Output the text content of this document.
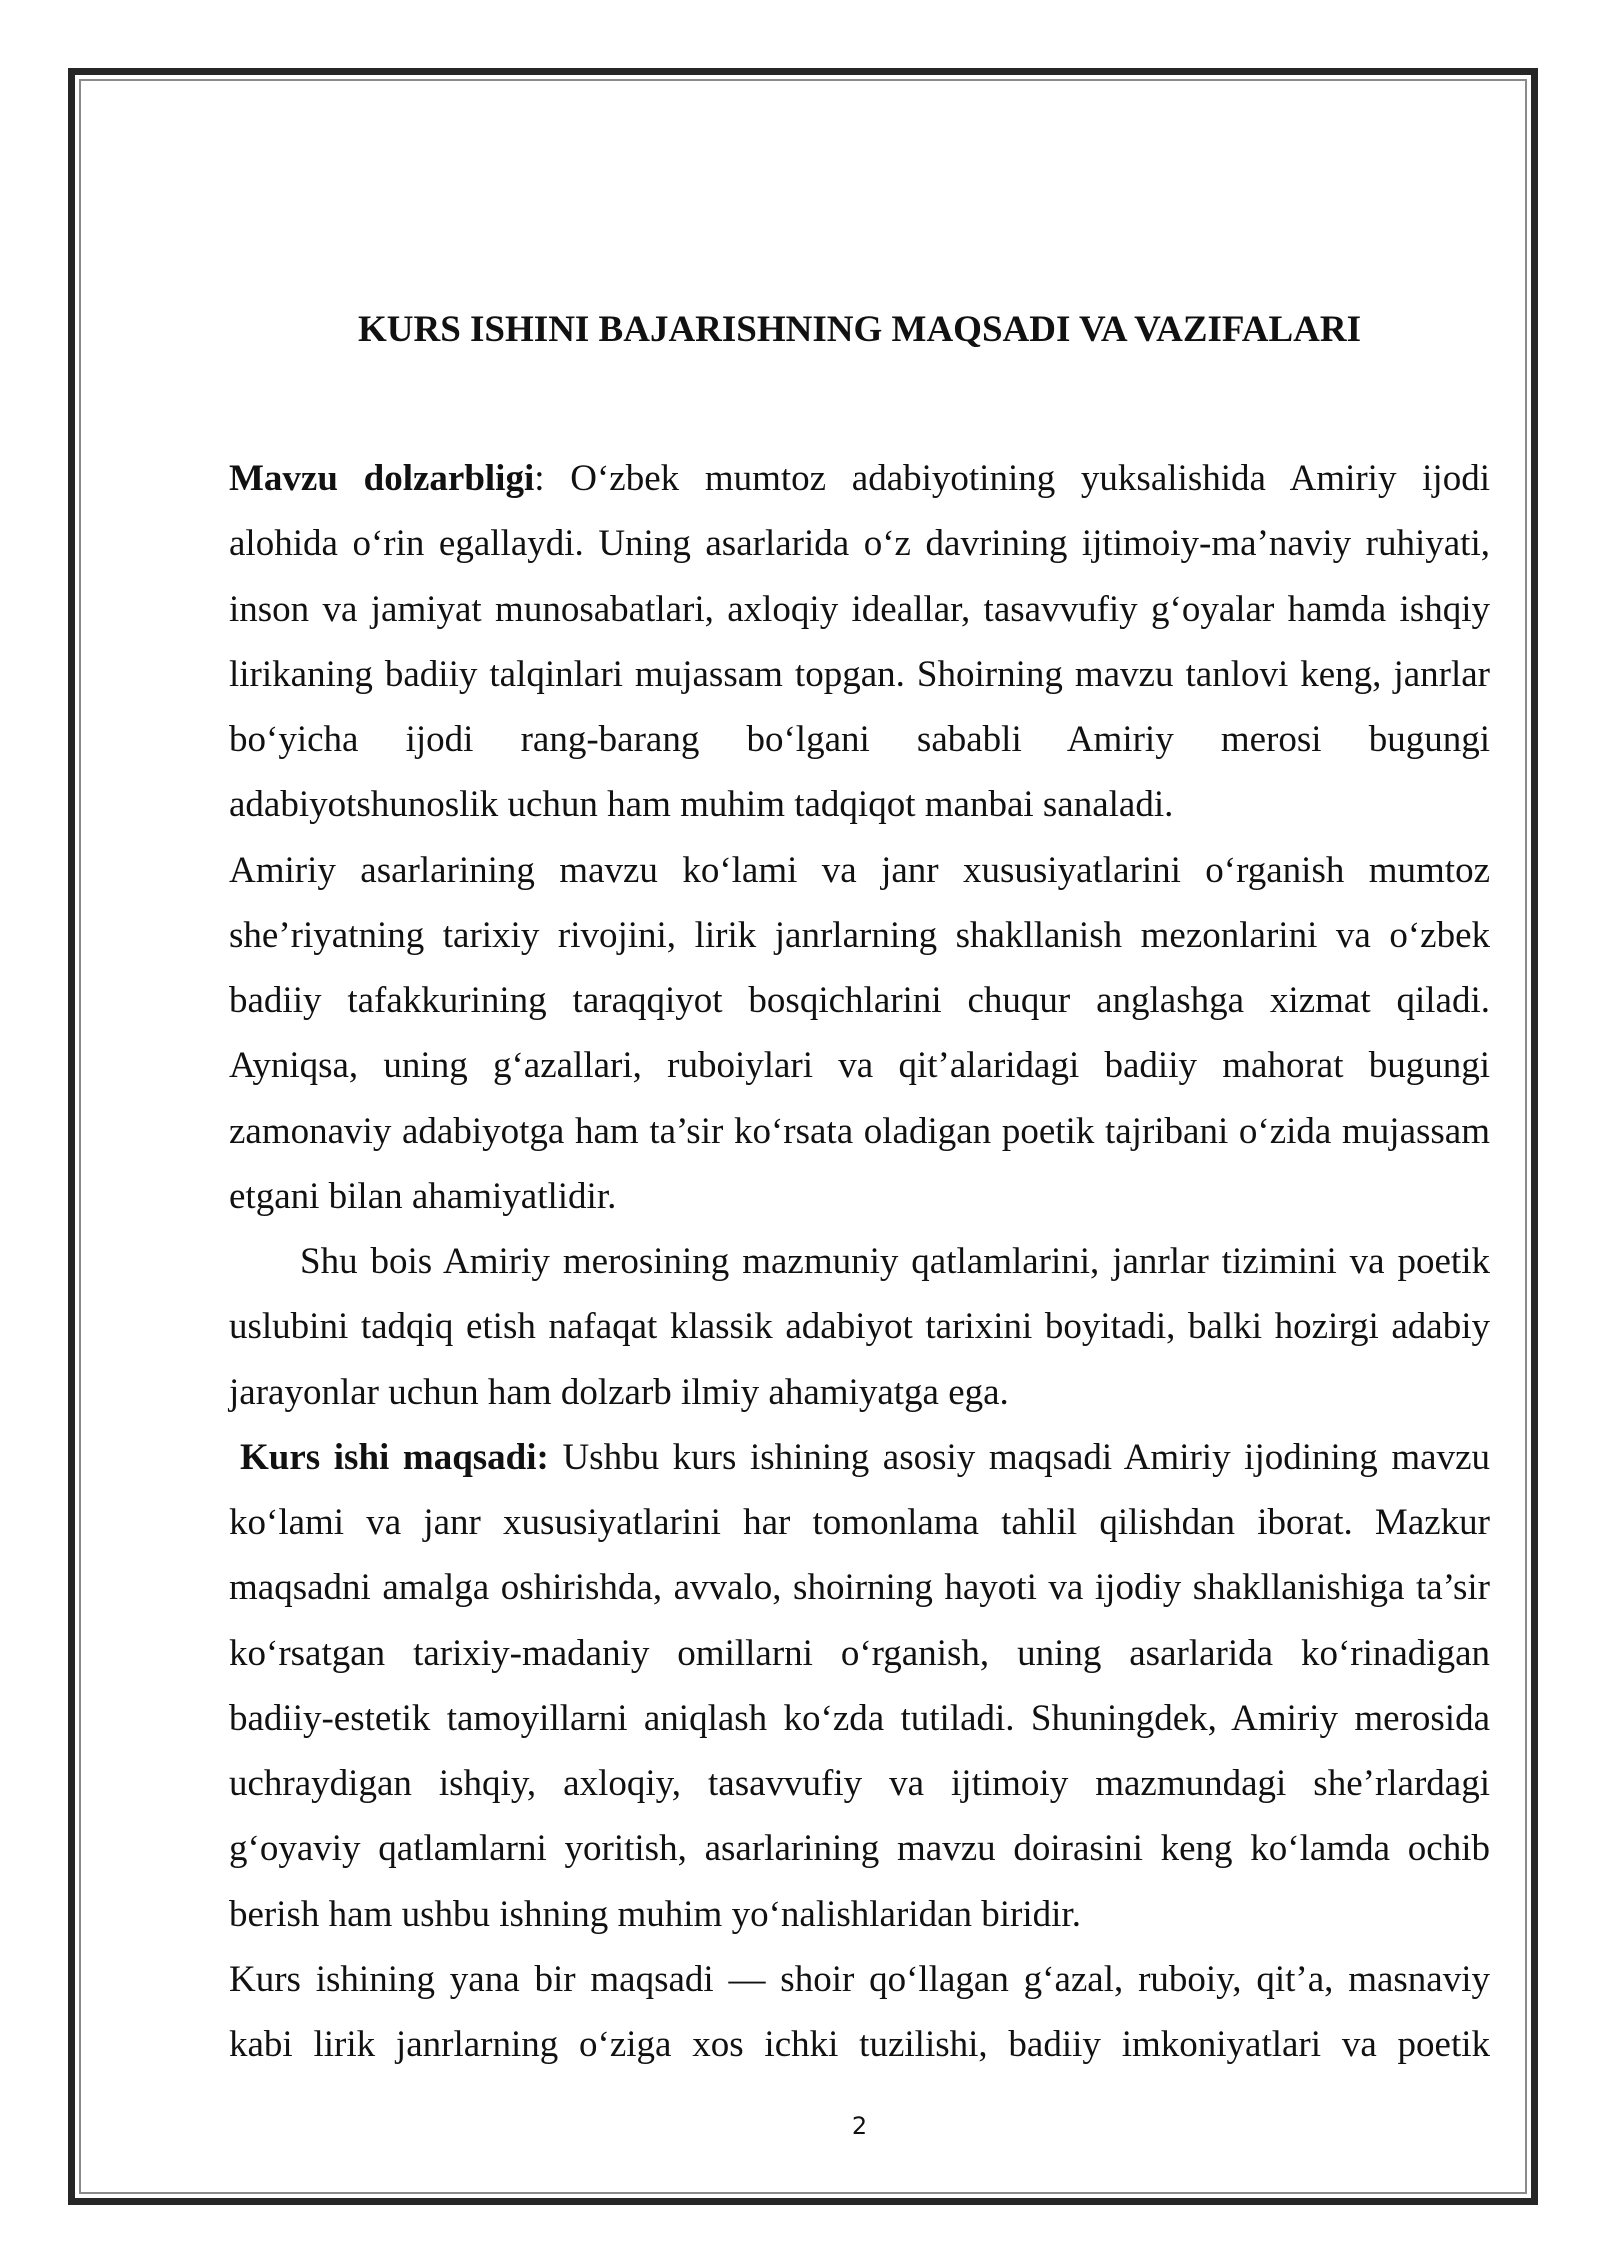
KURS ISHINI BAJARISHNING MAQSADI VA VAZIFALARI
Mavzu dolzarbligi: O‘zbek mumtoz adabiyotining yuksalishida Amiriy ijodi
alohida o‘rin egallaydi. Uning asarlarida o‘z davrining ijtimoiy-ma’naviy ruhiyati,
inson va jamiyat munosabatlari, axloqiy ideallar, tasavvufiy g‘oyalar hamda ishqiy
lirikaning badiiy talqinlari mujassam topgan. Shoirning mavzu tanlovi keng, janrlar
bo‘yicha ijodi rang-barang bo‘lgani sababli Amiriy merosi bugungi
adabiyotshunoslik uchun ham muhim tadqiqot manbai sanaladi.
Amiriy asarlarining mavzu ko‘lami va janr xususiyatlarini o‘rganish mumtoz
she’riyatning tarixiy rivojini, lirik janrlarning shakllanish mezonlarini va o‘zbek
badiiy tafakkurining taraqqiyot bosqichlarini chuqur anglashga xizmat qiladi.
Ayniqsa, uning g‘azallari, ruboiylari va qit’alaridagi badiiy mahorat bugungi
zamonaviy adabiyotga ham ta’sir ko‘rsata oladigan poetik tajribani o‘zida mujassam
etgani bilan ahamiyatlidir.
Shu bois Amiriy merosining mazmuniy qatlamlarini, janrlar tizimini va poetik
uslubini tadqiq etish nafaqat klassik adabiyot tarixini boyitadi, balki hozirgi adabiy
jarayonlar uchun ham dolzarb ilmiy ahamiyatga ega.
Kurs ishi maqsadi: Ushbu kurs ishining asosiy maqsadi Amiriy ijodining mavzu
ko‘lami va janr xususiyatlarini har tomonlama tahlil qilishdan iborat. Mazkur
maqsadni amalga oshirishda, avvalo, shoirning hayoti va ijodiy shakllanishiga ta’sir
ko‘rsatgan tarixiy-madaniy omillarni o‘rganish, uning asarlarida ko‘rinadigan
badiiy-estetik tamoyillarni aniqlash ko‘zda tutiladi. Shuningdek, Amiriy merosida
uchraydigan ishqiy, axloqiy, tasavvufiy va ijtimoiy mazmundagi she’rlardagi
g‘oyaviy qatlamlarni yoritish, asarlarining mavzu doirasini keng ko‘lamda ochib
berish ham ushbu ishning muhim yo‘nalishlaridan biridir.
Kurs ishining yana bir maqsadi — shoir qo‘llagan g‘azal, ruboiy, qit’a, masnaviy
kabi lirik janrlarning o‘ziga xos ichki tuzilishi, badiiy imkoniyatlari va poetik
2
